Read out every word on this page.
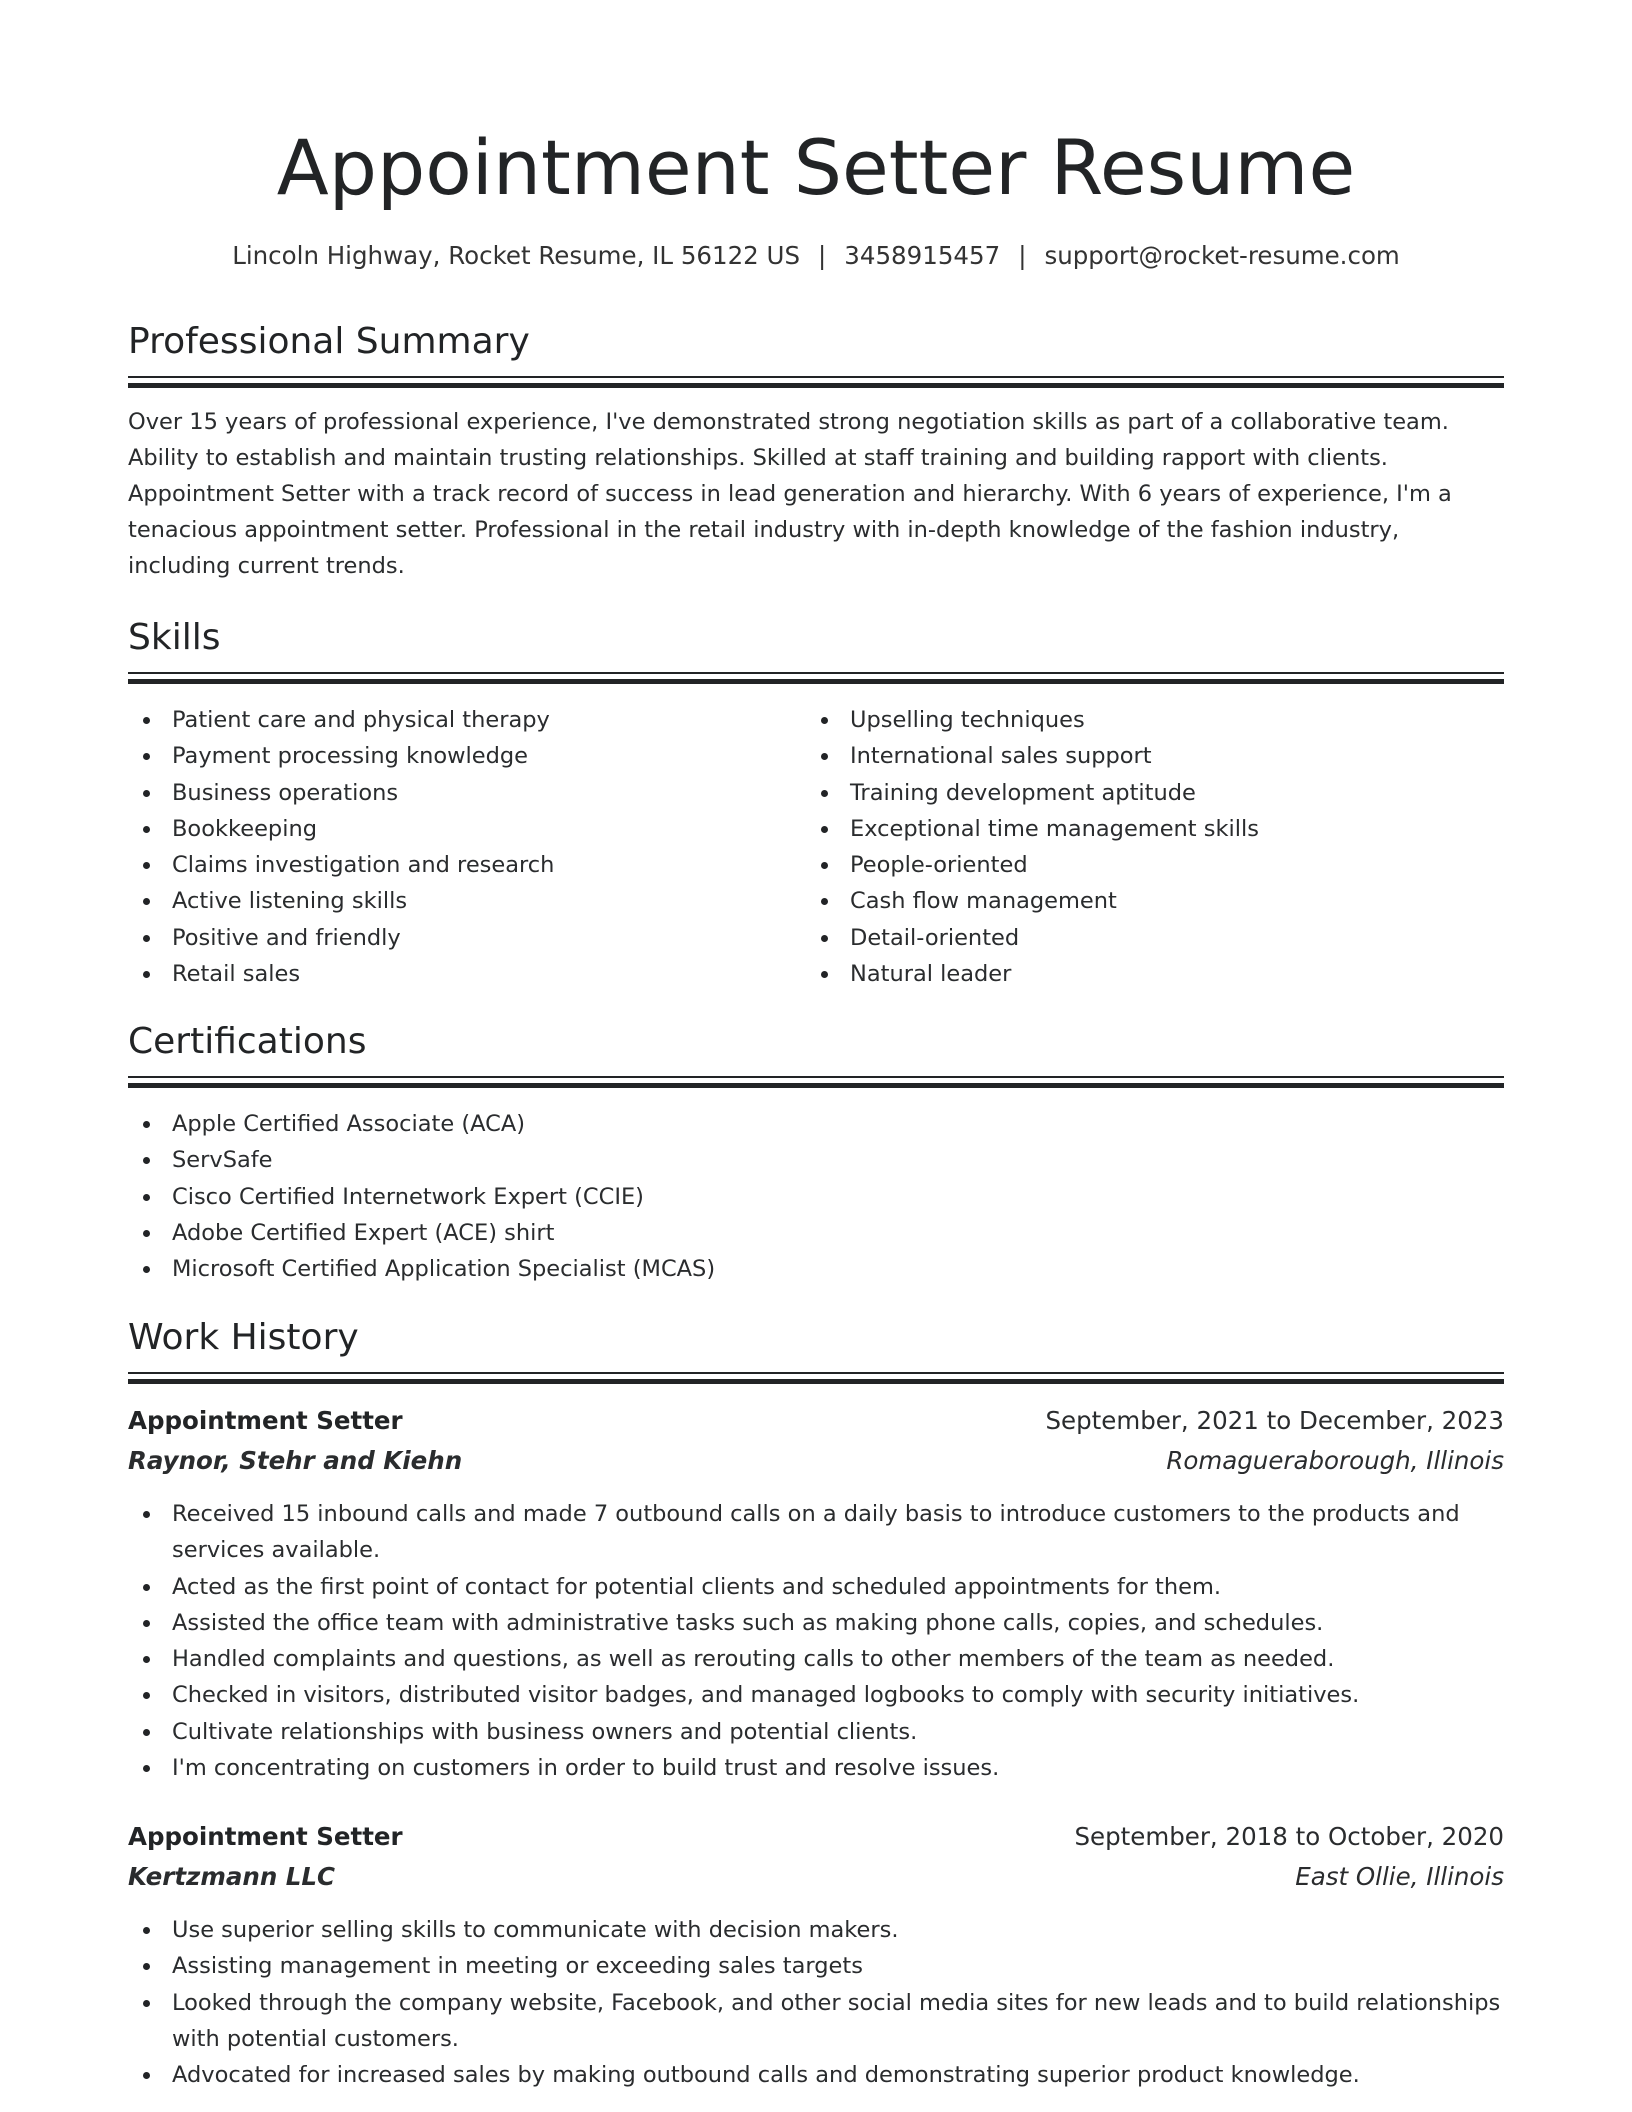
Appointment Setter Resume
Lincoln Highway, Rocket Resume, IL 56122 US | 3458915457 | support@rocket-resume.com
Professional Summary
Over 15 years of professional experience, I've demonstrated strong negotiation skills as part of a collaborative team.
Ability to establish and maintain trusting relationships. Skilled at staff training and building rapport with clients.
Appointment Setter with a track record of success in lead generation and hierarchy. With 6 years of experience, I'm a
tenacious appointment setter. Professional in the retail industry with in-depth knowledge of the fashion industry,
including current trends.
Skills
Patient care and physical therapy
Payment processing knowledge
Business operations
Bookkeeping
Claims investigation and research
Active listening skills
Positive and friendly
Retail sales
Upselling techniques
International sales support
Training development aptitude
Exceptional time management skills
People-oriented
Cash flow management
Detail-oriented
Natural leader
Certifications
Apple Certified Associate (ACA)
ServSafe
Cisco Certified Internetwork Expert (CCIE)
Adobe Certified Expert (ACE) shirt
Microsoft Certified Application Specialist (MCAS)
Work History
Appointment Setter	September, 2021 to December, 2023
Raynor, Stehr and Kiehn	Romagueraborough, Illinois
Received 15 inbound calls and made 7 outbound calls on a daily basis to introduce customers to the products and services available.
Acted as the first point of contact for potential clients and scheduled appointments for them.
Assisted the office team with administrative tasks such as making phone calls, copies, and schedules.
Handled complaints and questions, as well as rerouting calls to other members of the team as needed.
Checked in visitors, distributed visitor badges, and managed logbooks to comply with security initiatives.
Cultivate relationships with business owners and potential clients.
I'm concentrating on customers in order to build trust and resolve issues.
Appointment Setter	September, 2018 to October, 2020
Kertzmann LLC	East Ollie, Illinois
Use superior selling skills to communicate with decision makers.
Assisting management in meeting or exceeding sales targets
Looked through the company website, Facebook, and other social media sites for new leads and to build relationships with potential customers.
Advocated for increased sales by making outbound calls and demonstrating superior product knowledge.
